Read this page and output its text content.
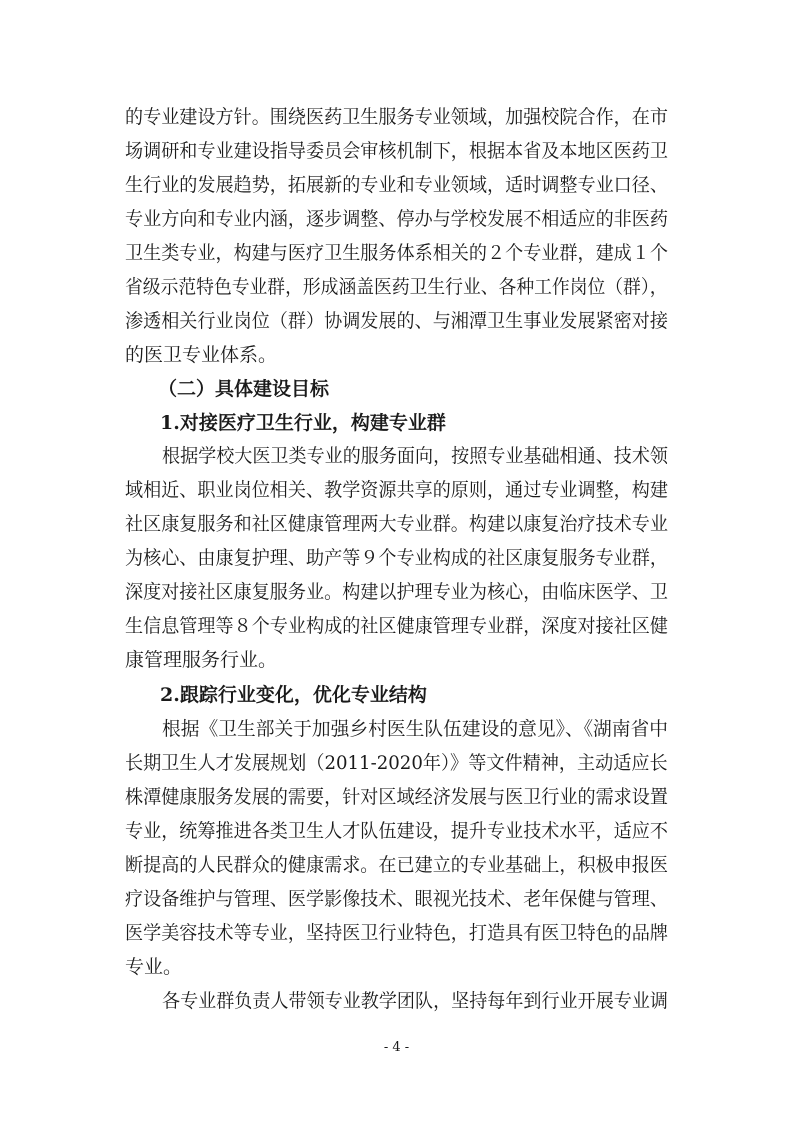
的专业建设方针。围绕医药卫生服务专业领域，加强校院合作，在市
场调研和专业建设指导委员会审核机制下，根据本省及本地区医药卫
生行业的发展趋势，拓展新的专业和专业领域，适时调整专业口径、
专业方向和专业内涵，逐步调整、停办与学校发展不相适应的非医药
卫生类专业，构建与医疗卫生服务体系相关的２个专业群，建成１个
省级示范特色专业群，形成涵盖医药卫生行业、各种工作岗位（群），
渗透相关行业岗位（群）协调发展的、与湘潭卫生事业发展紧密对接
的医卫专业体系。
（二）具体建设目标
1.对接医疗卫生行业，构建专业群
根据学校大医卫类专业的服务面向，按照专业基础相通、技术领
域相近、职业岗位相关、教学资源共享的原则，通过专业调整，构建
社区康复服务和社区健康管理两大专业群。构建以康复治疗技术专业
为核心、由康复护理、助产等９个专业构成的社区康复服务专业群，
深度对接社区康复服务业。构建以护理专业为核心，由临床医学、卫
生信息管理等８个专业构成的社区健康管理专业群，深度对接社区健
康管理服务行业。
2.跟踪行业变化，优化专业结构
根据《卫生部关于加强乡村医生队伍建设的意见》、《湖南省中
长期卫生人才发展规划（2011-2020年）》等文件精神，主动适应长
株潭健康服务发展的需要，针对区域经济发展与医卫行业的需求设置
专业，统筹推进各类卫生人才队伍建设，提升专业技术水平，适应不
断提高的人民群众的健康需求。在已建立的专业基础上，积极申报医
疗设备维护与管理、医学影像技术、眼视光技术、老年保健与管理、
医学美容技术等专业，坚持医卫行业特色，打造具有医卫特色的品牌
专业。
各专业群负责人带领专业教学团队，坚持每年到行业开展专业调
- 4 -
